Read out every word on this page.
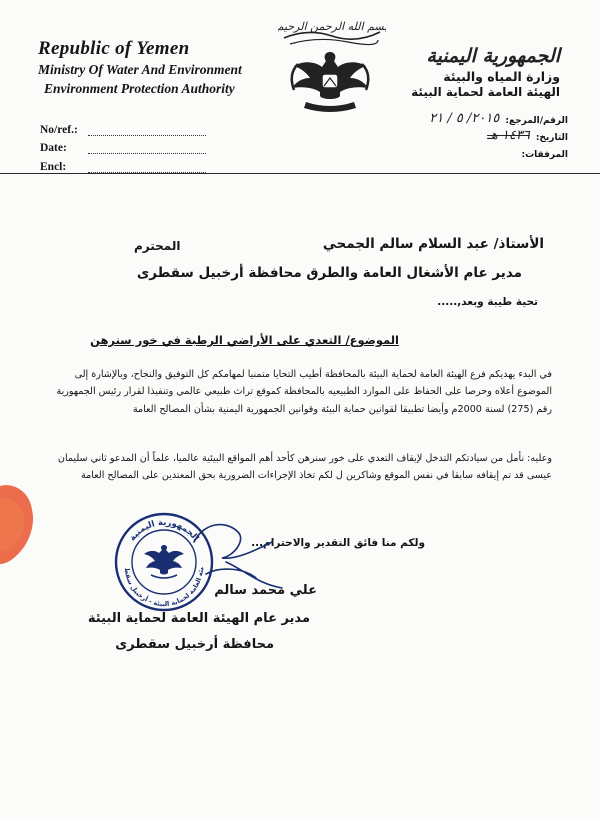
Republic of Yemen
Ministry Of Water And Environment
Environment Protection Authority
No/ref.:
Date:
Encl:
بسم الله الرحمن الرحيم
الجمهورية اليمنية
وزارة المياه والبيئة
الهيئة العامة لحماية البيئة
الرقم/المرجع:
٢٠١٥/ ٥ / ٢١
التاريخ:
١٤٣٦ هـ
المرفقات:
الأستاذ/ عبد السلام سالم الجمحي
المحترم
مدير عام الأشغال العامة والطرق محافظة أرخبيل سقطرى
تحية طيبة وبعد,.....
الموضوع/ التعدي على الأراضي الرطبة في خور سنرهن
في البدء يهديكم فرع الهيئة العامة لحماية البيئة بالمحافظة أطيب التحايا متمنيا لمهامكم كل التوفيق والنجاح، وبالإشارة إلى الموضوع أعلاه وحرصا على الحفاظ على الموارد الطبيعيه بالمحافظة كموقع تراث طبيعي عالمي وتنفيذا لقرار رئيس الجمهورية رقم (275) لسنة 2000م وأيضا تطبيقا لقوانين حماية البيئة وقوانين الجمهورية اليمنية بشأن المصالح العامة
وعليه: نأمل من سيادتكم التدخل لإيقاف التعدي على خور سنرهن كأحد أهم المواقع البيئية عالميا، علماً أن المدعو ثاني سليمان عيسى قد تم إيقافه سابقا في نفس الموقع وشاكرين ل لكم تخاذ الإجراءات الضرورية بحق المعتدين على المصالح العامة
ولكم منا فائق التقدير والاحترام...
الجمهورية اليمنية
يئة العامة لحماية البيئة - أرخبيل سقط
علي محمد سالم
مدير عام الهيئة العامة لحماية البيئة
محافظة أرخبيل سقطرى
